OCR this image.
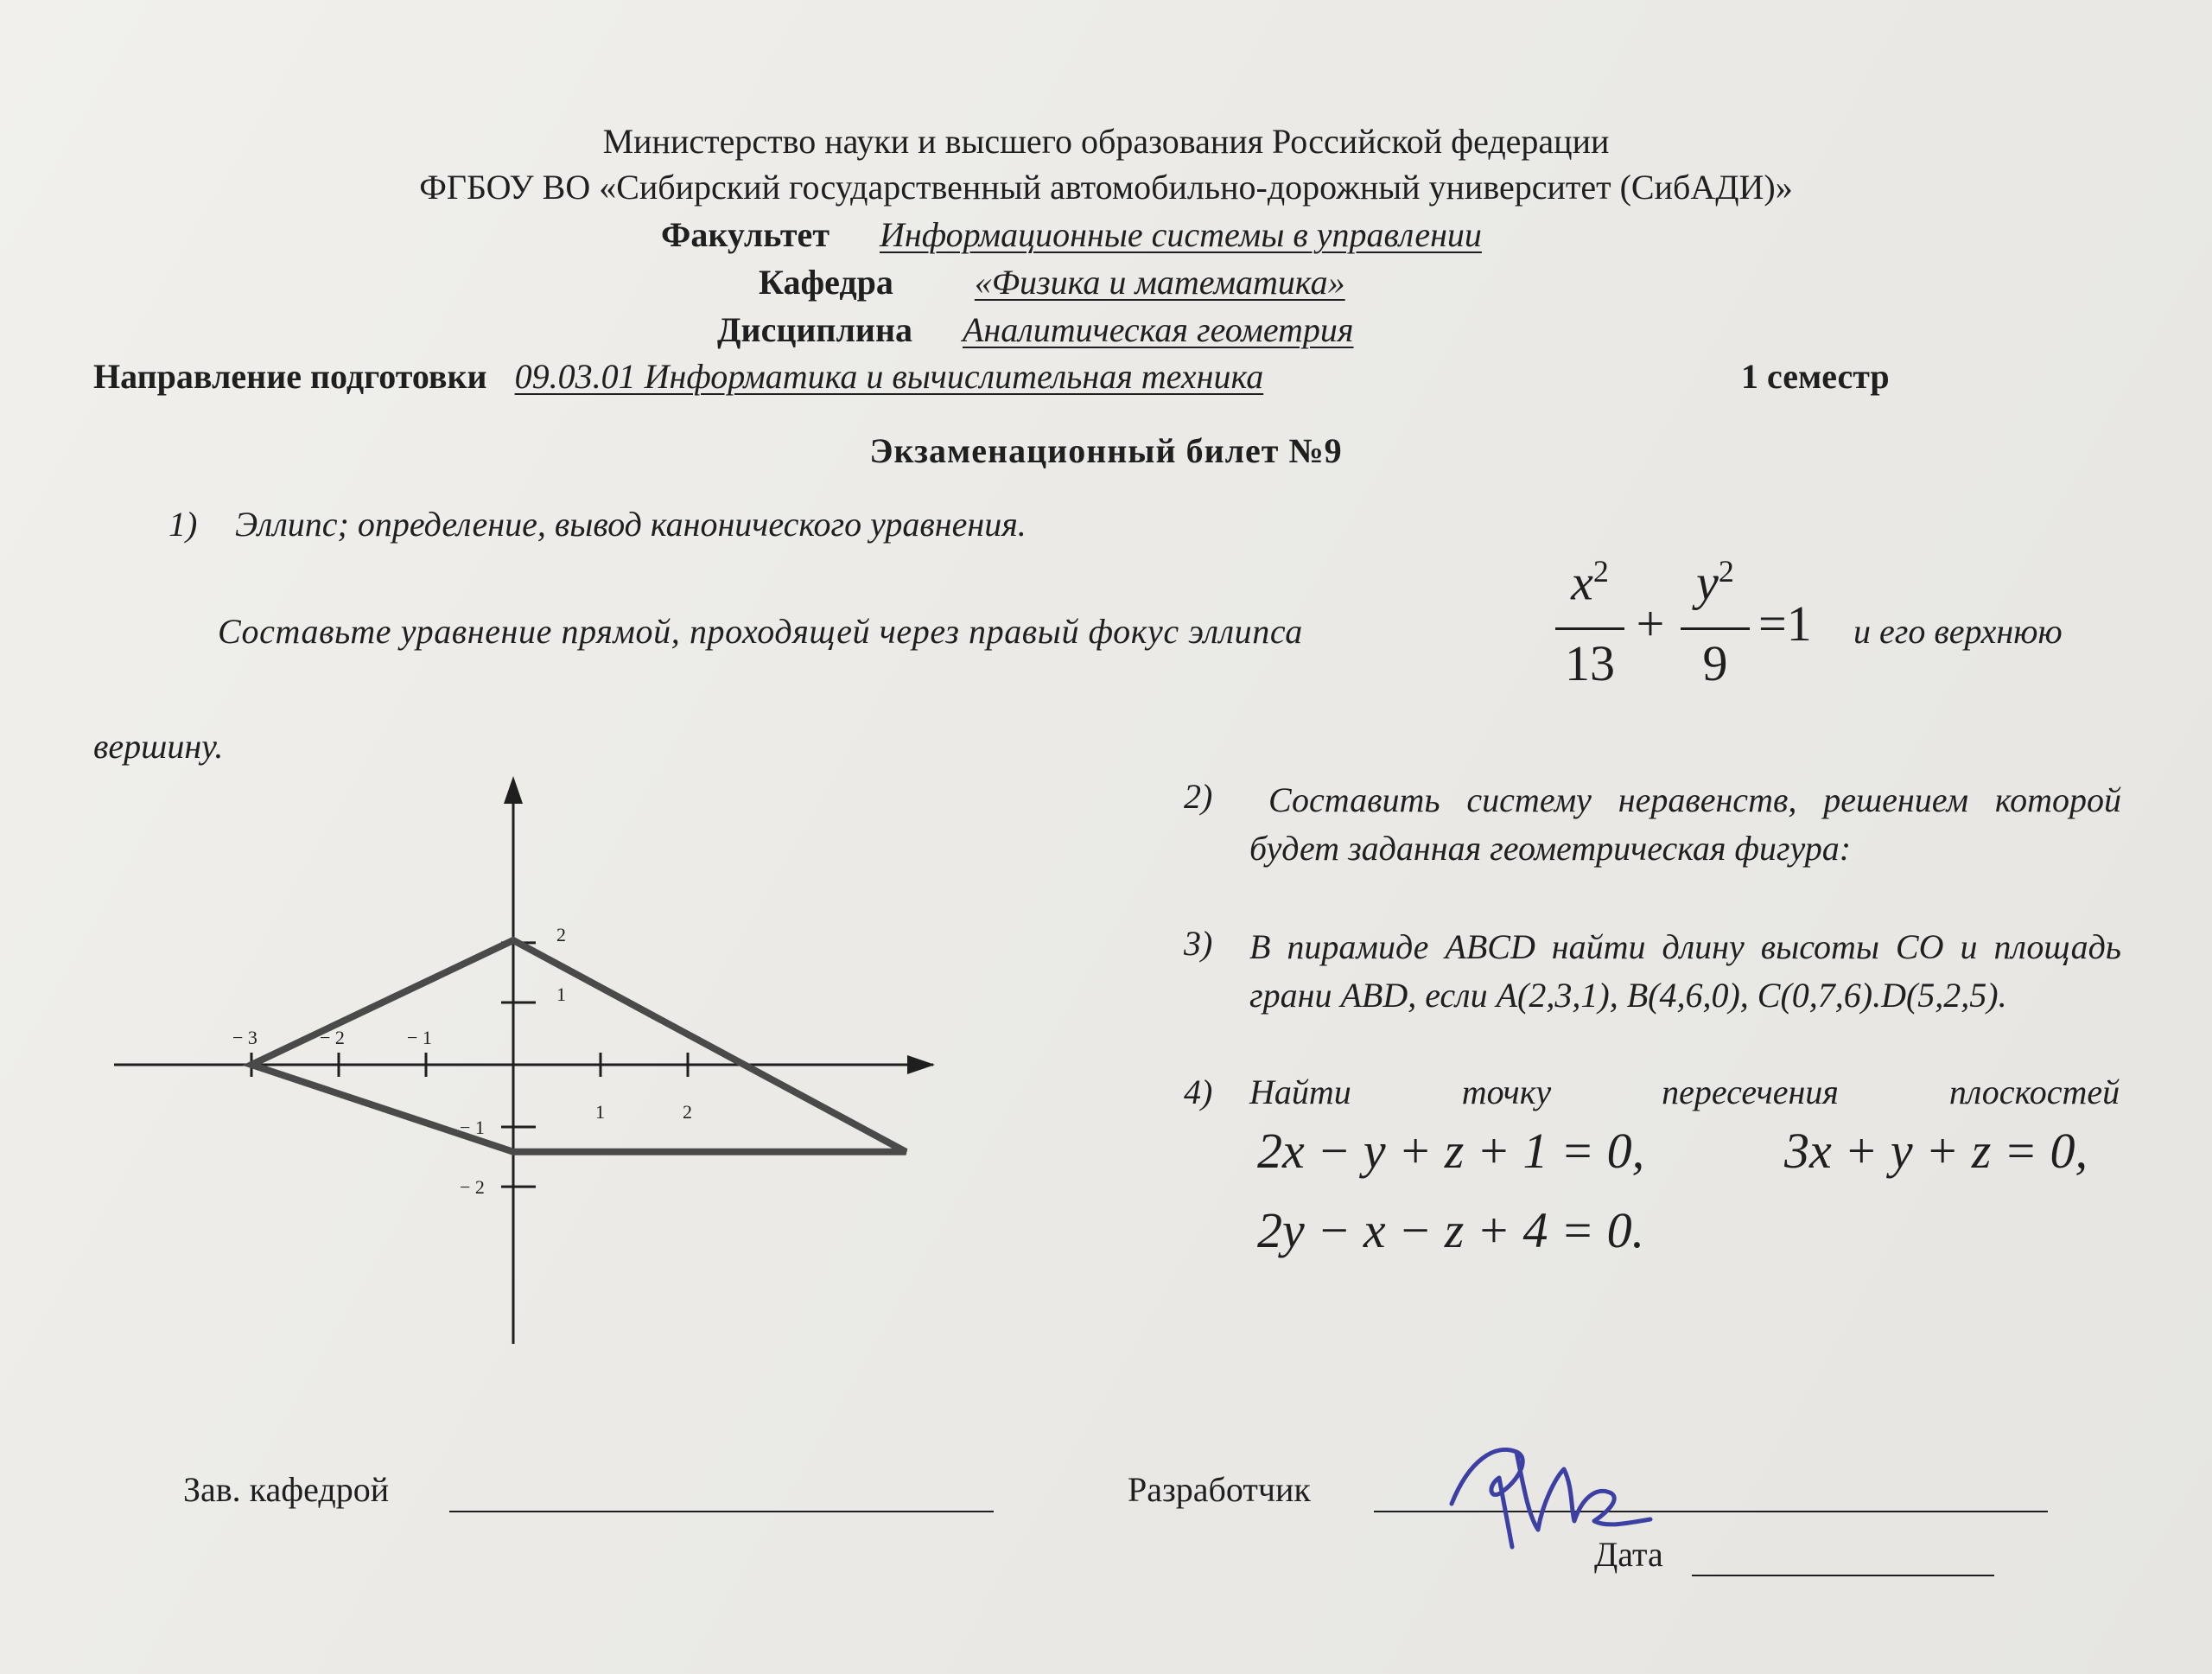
Министерство науки и высшего образования Российской федерации
ФГБОУ ВО «Сибирский государственный автомобильно-дорожный университет (СибАДИ)»
Факультет Информационные системы в управлении
Кафедра «Физика и математика»
Дисциплина Аналитическая геометрия
Направление подготовки 09.03.01 Информатика и вычислительная техника	1 семестр
Экзаменационный билет №9
1) Эллипс; определение, вывод канонического уравнения.
Составьте уравнение прямой, проходящей через правый фокус эллипса
$x^2$
13
+
$y^2$
9
=1	и его верхнюю
вершину.
− 3	− 2	− 1
1	2
2
1
− 1
− 2
2)	Составить систему неравенств, решением которой будет заданная геометрическая фигура:
3) В пирамиде ABCD найти длину высоты CO и площадь грани ABD, если A(2,3,1), B(4,6,0), C(0,7,6).D(5,2,5).
4) Найти точку пересечения плоскостей
2x − y + z + 1 = 0,	3x + y + z = 0,
2y − x − z + 4 = 0.
Зав. кафедрой	Разработчик
Дата
